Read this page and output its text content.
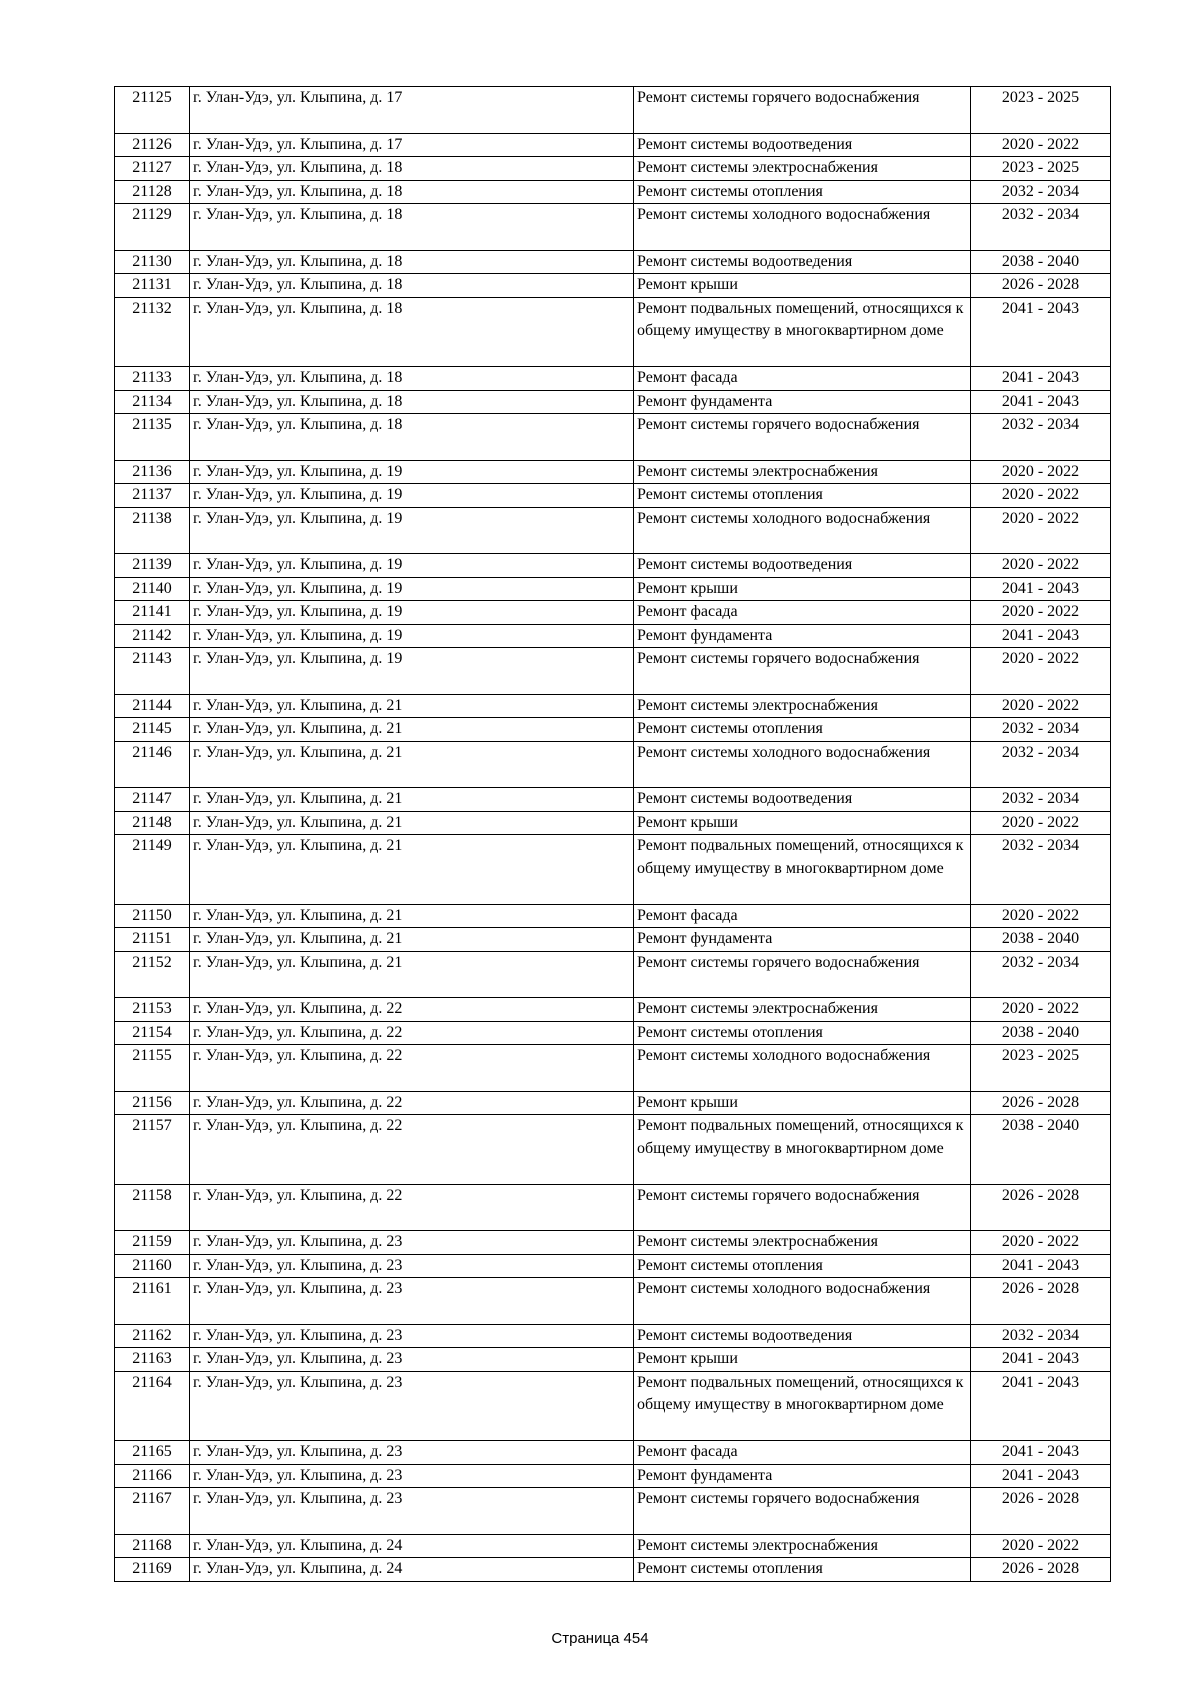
21125	г. Улан-Удэ, ул. Клыпина, д. 17	Ремонт системы горячего водоснабжения	2023 - 2025
21126	г. Улан-Удэ, ул. Клыпина, д. 17	Ремонт системы водоотведения	2020 - 2022
21127	г. Улан-Удэ, ул. Клыпина, д. 18	Ремонт системы электроснабжения	2023 - 2025
21128	г. Улан-Удэ, ул. Клыпина, д. 18	Ремонт системы отопления	2032 - 2034
21129	г. Улан-Удэ, ул. Клыпина, д. 18	Ремонт системы холодного водоснабжения	2032 - 2034
21130	г. Улан-Удэ, ул. Клыпина, д. 18	Ремонт системы водоотведения	2038 - 2040
21131	г. Улан-Удэ, ул. Клыпина, д. 18	Ремонт крыши	2026 - 2028
21132	г. Улан-Удэ, ул. Клыпина, д. 18	Ремонт подвальных помещений, относящихся к общему имуществу в многоквартирном доме	2041 - 2043
21133	г. Улан-Удэ, ул. Клыпина, д. 18	Ремонт фасада	2041 - 2043
21134	г. Улан-Удэ, ул. Клыпина, д. 18	Ремонт фундамента	2041 - 2043
21135	г. Улан-Удэ, ул. Клыпина, д. 18	Ремонт системы горячего водоснабжения	2032 - 2034
21136	г. Улан-Удэ, ул. Клыпина, д. 19	Ремонт системы электроснабжения	2020 - 2022
21137	г. Улан-Удэ, ул. Клыпина, д. 19	Ремонт системы отопления	2020 - 2022
21138	г. Улан-Удэ, ул. Клыпина, д. 19	Ремонт системы холодного водоснабжения	2020 - 2022
21139	г. Улан-Удэ, ул. Клыпина, д. 19	Ремонт системы водоотведения	2020 - 2022
21140	г. Улан-Удэ, ул. Клыпина, д. 19	Ремонт крыши	2041 - 2043
21141	г. Улан-Удэ, ул. Клыпина, д. 19	Ремонт фасада	2020 - 2022
21142	г. Улан-Удэ, ул. Клыпина, д. 19	Ремонт фундамента	2041 - 2043
21143	г. Улан-Удэ, ул. Клыпина, д. 19	Ремонт системы горячего водоснабжения	2020 - 2022
21144	г. Улан-Удэ, ул. Клыпина, д. 21	Ремонт системы электроснабжения	2020 - 2022
21145	г. Улан-Удэ, ул. Клыпина, д. 21	Ремонт системы отопления	2032 - 2034
21146	г. Улан-Удэ, ул. Клыпина, д. 21	Ремонт системы холодного водоснабжения	2032 - 2034
21147	г. Улан-Удэ, ул. Клыпина, д. 21	Ремонт системы водоотведения	2032 - 2034
21148	г. Улан-Удэ, ул. Клыпина, д. 21	Ремонт крыши	2020 - 2022
21149	г. Улан-Удэ, ул. Клыпина, д. 21	Ремонт подвальных помещений, относящихся к общему имуществу в многоквартирном доме	2032 - 2034
21150	г. Улан-Удэ, ул. Клыпина, д. 21	Ремонт фасада	2020 - 2022
21151	г. Улан-Удэ, ул. Клыпина, д. 21	Ремонт фундамента	2038 - 2040
21152	г. Улан-Удэ, ул. Клыпина, д. 21	Ремонт системы горячего водоснабжения	2032 - 2034
21153	г. Улан-Удэ, ул. Клыпина, д. 22	Ремонт системы электроснабжения	2020 - 2022
21154	г. Улан-Удэ, ул. Клыпина, д. 22	Ремонт системы отопления	2038 - 2040
21155	г. Улан-Удэ, ул. Клыпина, д. 22	Ремонт системы холодного водоснабжения	2023 - 2025
21156	г. Улан-Удэ, ул. Клыпина, д. 22	Ремонт крыши	2026 - 2028
21157	г. Улан-Удэ, ул. Клыпина, д. 22	Ремонт подвальных помещений, относящихся к общему имуществу в многоквартирном доме	2038 - 2040
21158	г. Улан-Удэ, ул. Клыпина, д. 22	Ремонт системы горячего водоснабжения	2026 - 2028
21159	г. Улан-Удэ, ул. Клыпина, д. 23	Ремонт системы электроснабжения	2020 - 2022
21160	г. Улан-Удэ, ул. Клыпина, д. 23	Ремонт системы отопления	2041 - 2043
21161	г. Улан-Удэ, ул. Клыпина, д. 23	Ремонт системы холодного водоснабжения	2026 - 2028
21162	г. Улан-Удэ, ул. Клыпина, д. 23	Ремонт системы водоотведения	2032 - 2034
21163	г. Улан-Удэ, ул. Клыпина, д. 23	Ремонт крыши	2041 - 2043
21164	г. Улан-Удэ, ул. Клыпина, д. 23	Ремонт подвальных помещений, относящихся к общему имуществу в многоквартирном доме	2041 - 2043
21165	г. Улан-Удэ, ул. Клыпина, д. 23	Ремонт фасада	2041 - 2043
21166	г. Улан-Удэ, ул. Клыпина, д. 23	Ремонт фундамента	2041 - 2043
21167	г. Улан-Удэ, ул. Клыпина, д. 23	Ремонт системы горячего водоснабжения	2026 - 2028
21168	г. Улан-Удэ, ул. Клыпина, д. 24	Ремонт системы электроснабжения	2020 - 2022
21169	г. Улан-Удэ, ул. Клыпина, д. 24	Ремонт системы отопления	2026 - 2028
Страница 454
